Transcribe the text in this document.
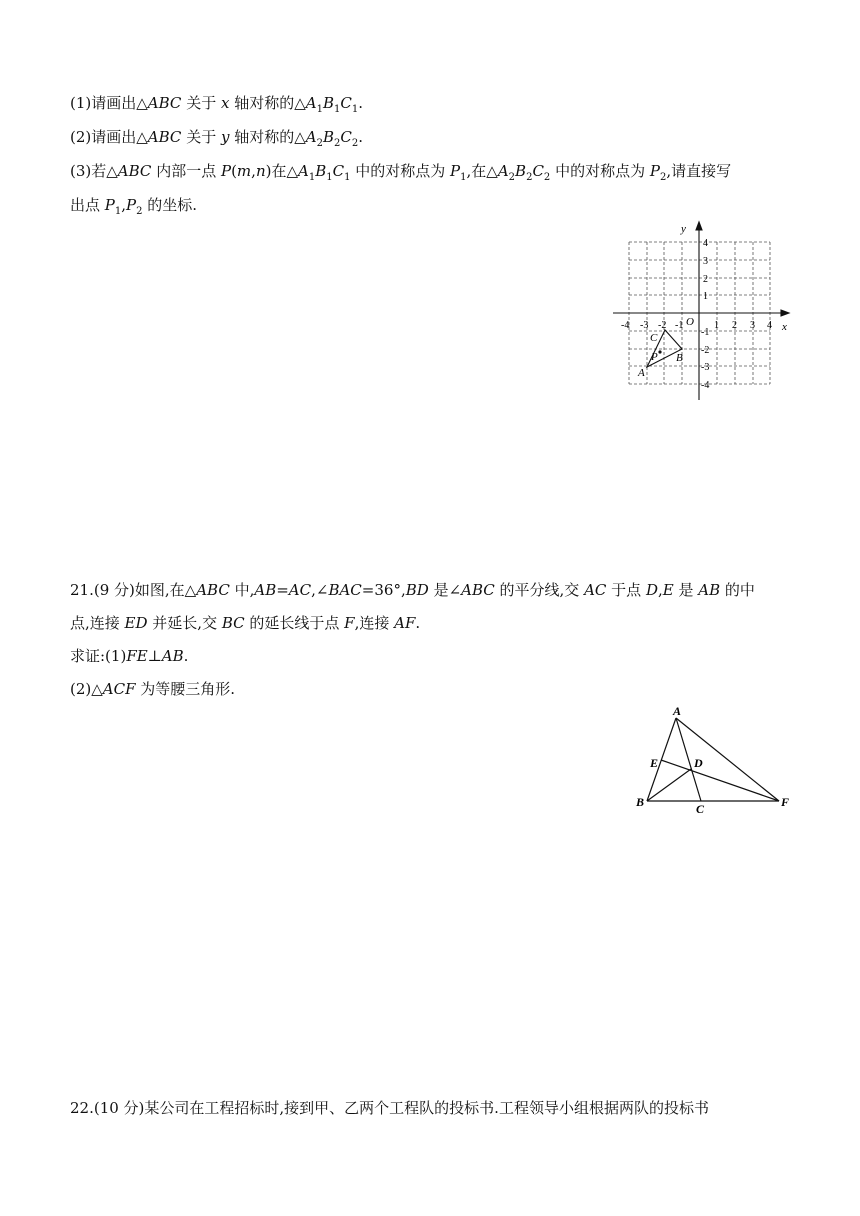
(1)请画出△ABC 关于 x 轴对称的$\triangle A_1B_1C_1$.
(2)请画出△ABC 关于 y 轴对称的$\triangle A_2B_2C_2$.
(3)若△ABC 内部一点 P(m,n)在$\triangle A_1B_1C_1$ 中的对称点为 $P_1$,在$\triangle A_2B_2C_2$ 中的对称点为 $P_2$,请直接写
出点 $P_1,P_2$ 的坐标.
x
y
O
-4 -3 -2 -1	1 2 3 4
4
3
2
1
-1
-2
-3
-4
A
B
C
P
21.(9 分)如图,在△ABC 中,AB=AC,∠BAC=36°,BD 是∠ABC 的平分线,交 AC 于点 D,E 是 AB 的中
点,连接 ED 并延长,交 BC 的延长线于点 F,连接 AF.
求证:(1)FE⊥AB.
(2)△ACF 为等腰三角形.
A
B	C
D
E
F
22.(10 分)某公司在工程招标时,接到甲、乙两个工程队的投标书.工程领导小组根据两队的投标书
